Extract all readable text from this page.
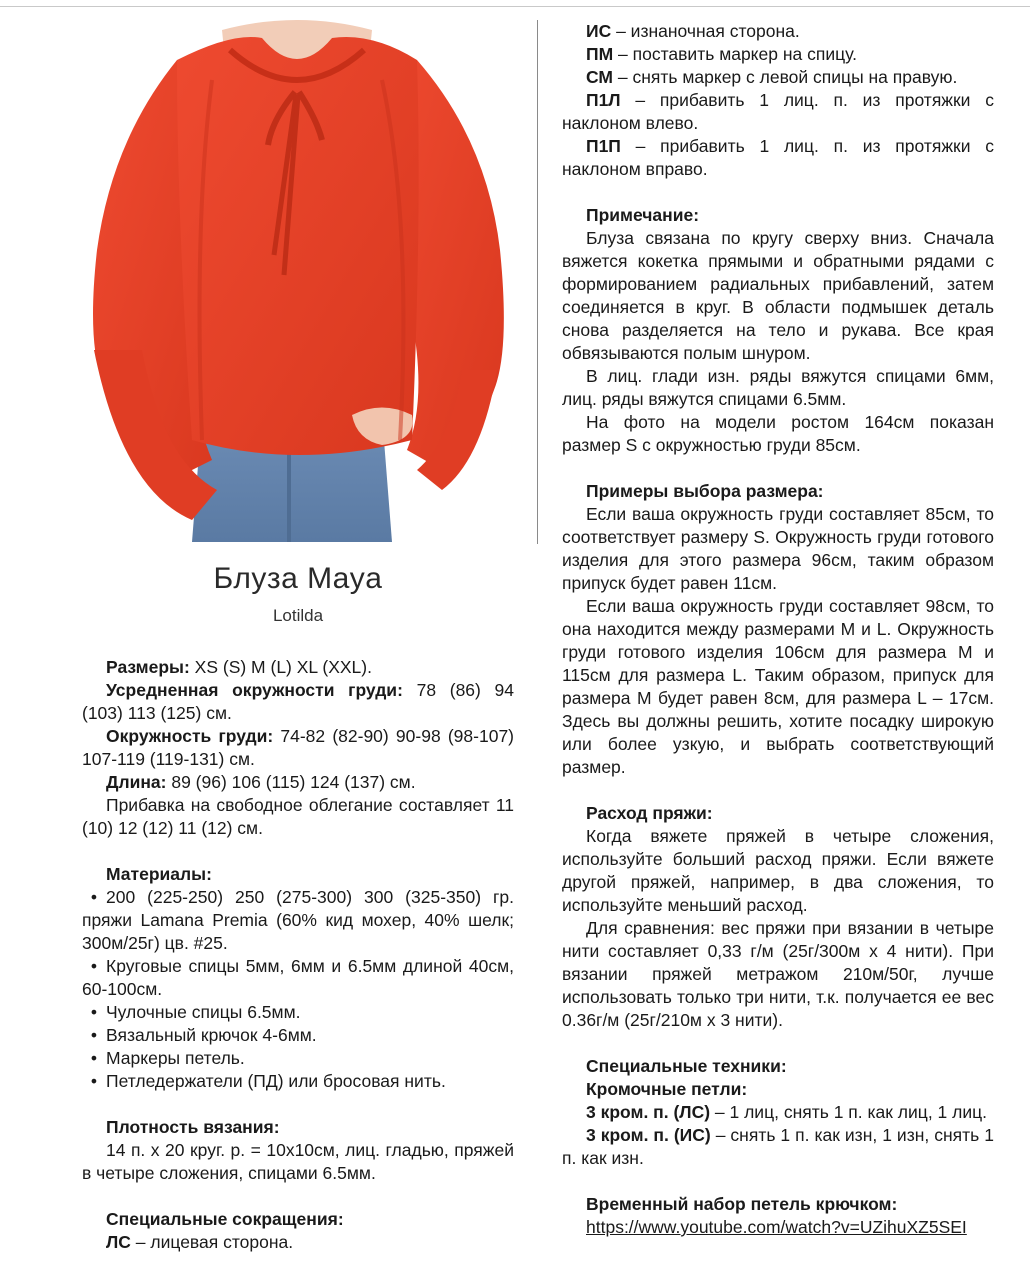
Блуза Maya
Lotilda

Размеры: XS (S) M (L) XL (XXL).

Усредненная окружности груди: 78 (86) 94 (103) 113 (125) см.

Окружность груди: 74-82 (82-90) 90-98 (98-107) 107-119 (119-131) см.

Длина: 89 (96) 106 (115) 124 (137) см.

Прибавка на свободное облегание составляет 11 (10) 12 (12) 11 (12) см.

Материалы:

• 200 (225-250) 250 (275-300) 300 (325-350) гр. пряжи Lamana Premia (60% кид мохер, 40% шелк; 300м/25г) цв. #25.
• Круговые спицы 5мм, 6мм и 6.5мм длиной 40см, 60-100см.
• Чулочные спицы 6.5мм.
• Вязальный крючок 4-6мм.
• Маркеры петель.
• Петледержатели (ПД) или бросовая нить.

Плотность вязания:

14 п. х 20 круг. р. = 10х10см, лиц. гладью, пряжей в четыре сложения, спицами 6.5мм.

Специальные сокращения:

ЛС – лицевая сторона.

ИС – изнаночная сторона.

ПМ – поставить маркер на спицу.

СМ – снять маркер с левой спицы на правую.

П1Л – прибавить 1 лиц. п. из протяжки с наклоном влево.

П1П – прибавить 1 лиц. п. из протяжки с наклоном вправо.

Примечание:

Блуза связана по кругу сверху вниз. Сначала вяжется кокетка прямыми и обратными рядами с формированием радиальных прибавлений, затем соединяется в круг. В области подмышек деталь снова разделяется на тело и рукава. Все края обвязываются полым шнуром.

В лиц. глади изн. ряды вяжутся спицами 6мм, лиц. ряды вяжутся спицами 6.5мм.

На фото на модели ростом 164см показан размер S с окружностью груди 85см.

Примеры выбора размера:

Если ваша окружность груди составляет 85см, то соответствует размеру S. Окружность груди готового изделия для этого размера 96см, таким образом припуск будет равен 11см.

Если ваша окружность груди составляет 98см, то она находится между размерами M и L. Окружность груди готового изделия 106см для размера M и 115см для размера L. Таким образом, припуск для размера M будет равен 8см, для размера L – 17см. Здесь вы должны решить, хотите посадку широкую или более узкую, и выбрать соответствующий размер.

Расход пряжи:

Когда вяжете пряжей в четыре сложения, используйте больший расход пряжи. Если вяжете другой пряжей, например, в два сложения, то используйте меньший расход.

Для сравнения: вес пряжи при вязании в четыре нити составляет 0,33 г/м (25г/300м х 4 нити). При вязании пряжей метражом 210м/50г, лучше использовать только три нити, т.к. получается ее вес 0.36г/м (25г/210м х 3 нити).

Специальные техники:

Кромочные петли:

3 кром. п. (ЛС) – 1 лиц, снять 1 п. как лиц, 1 лиц.

3 кром. п. (ИС) – снять 1 п. как изн, 1 изн, снять 1 п. как изн.

Временный набор петель крючком:

https://www.youtube.com/watch?v=UZihuXZ5SEI
